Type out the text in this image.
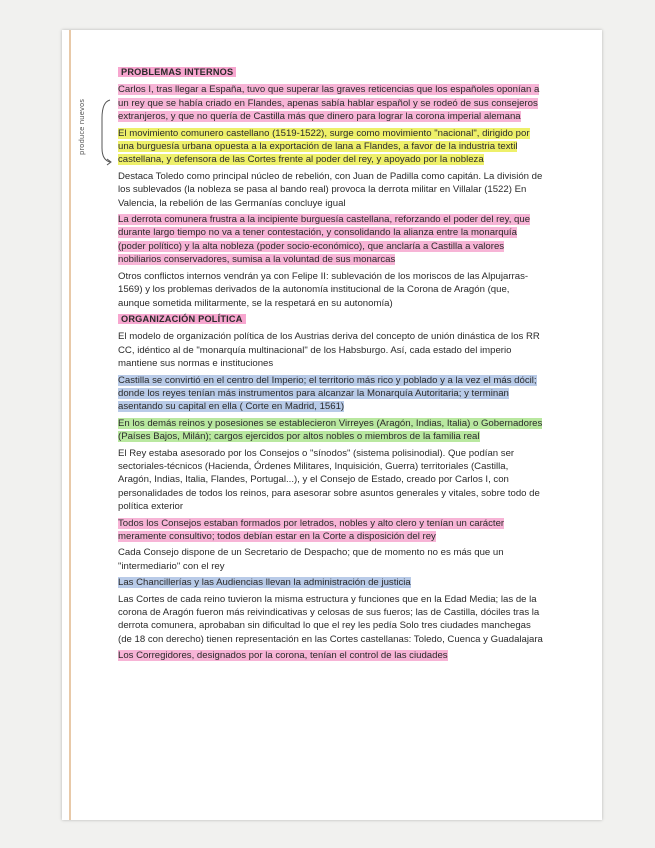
produce nuevos
PROBLEMAS INTERNOS

Carlos I, tras llegar a España, tuvo que superar las graves reticencias que los españoles oponían a un rey que se había criado en Flandes, apenas sabía hablar español y se rodeó de sus consejeros extranjeros, y que no quería de Castilla más que dinero para lograr la corona imperial alemana

El movimiento comunero castellano (1519-1522), surge como movimiento "nacional", dirigido por una burguesía urbana opuesta a la exportación de lana a Flandes, a favor de la industria textil castellana, y defensora de las Cortes frente al poder del rey, y apoyado por la nobleza

Destaca Toledo como principal núcleo de rebelión, con Juan de Padilla como capitán. La división de los sublevados (la nobleza se pasa al bando real) provoca la derrota militar en Villalar (1522) En Valencia, la rebelión de las Germanías concluye igual

La derrota comunera frustra a la incipiente burguesía castellana, reforzando el poder del rey, que durante largo tiempo no va a tener contestación, y consolidando la alianza entre la monarquía (poder político) y la alta nobleza (poder socio-económico), que anclaría a Castilla a valores nobiliarios conservadores, sumisa a la voluntad de sus monarcas

Otros conflictos internos vendrán ya con Felipe II: sublevación de los moriscos de las Alpujarras-1569) y los problemas derivados de la autonomía institucional de la Corona de Aragón (que, aunque sometida militarmente, se la respetará en su autonomía)

ORGANIZACIÓN POLÍTICA

El modelo de organización política de los Austrias deriva del concepto de unión dinástica de los RR CC, idéntico al de "monarquía multinacional" de los Habsburgo. Así, cada estado del imperio mantiene sus normas e instituciones

Castilla se convirtió en el centro del Imperio; el territorio más rico y poblado y a la vez el más dócil; donde los reyes tenían más instrumentos para alcanzar la Monarquía Autoritaria; y terminan asentando su capital en ella ( Corte en Madrid, 1561)

En los demás reinos y posesiones se establecieron Virreyes (Aragón, Indias, Italia) o Gobernadores (Países Bajos, Milán); cargos ejercidos por altos nobles o miembros de la familia real

El Rey estaba asesorado por los Consejos o "sínodos" (sistema polisinodial). Que podían ser sectoriales-técnicos (Hacienda, Órdenes Militares, Inquisición, Guerra) territoriales (Castilla, Aragón, Indias, Italia, Flandes, Portugal...), y el Consejo de Estado, creado por Carlos I, con personalidades de todos los reinos, para asesorar sobre asuntos generales y vitales, sobre todo de política exterior

Todos los Consejos estaban formados por letrados, nobles y alto clero y tenían un carácter meramente consultivo; todos debían estar en la Corte a disposición del rey

Cada Consejo dispone de un Secretario de Despacho; que de momento no es más que un "intermediario" con el rey

Las Chancillerías y las Audiencias llevan la administración de justicia

Las Cortes de cada reino tuvieron la misma estructura y funciones que en la Edad Media; las de la corona de Aragón fueron más reivindicativas y celosas de sus fueros; las de Castilla, dóciles tras la derrota comunera, aprobaban sin dificultad lo que el rey les pedía Solo tres ciudades manchegas (de 18 con derecho) tienen representación en las Cortes castellanas: Toledo, Cuenca y Guadalajara

Los Corregidores, designados por la corona, tenían el control de las ciudades
